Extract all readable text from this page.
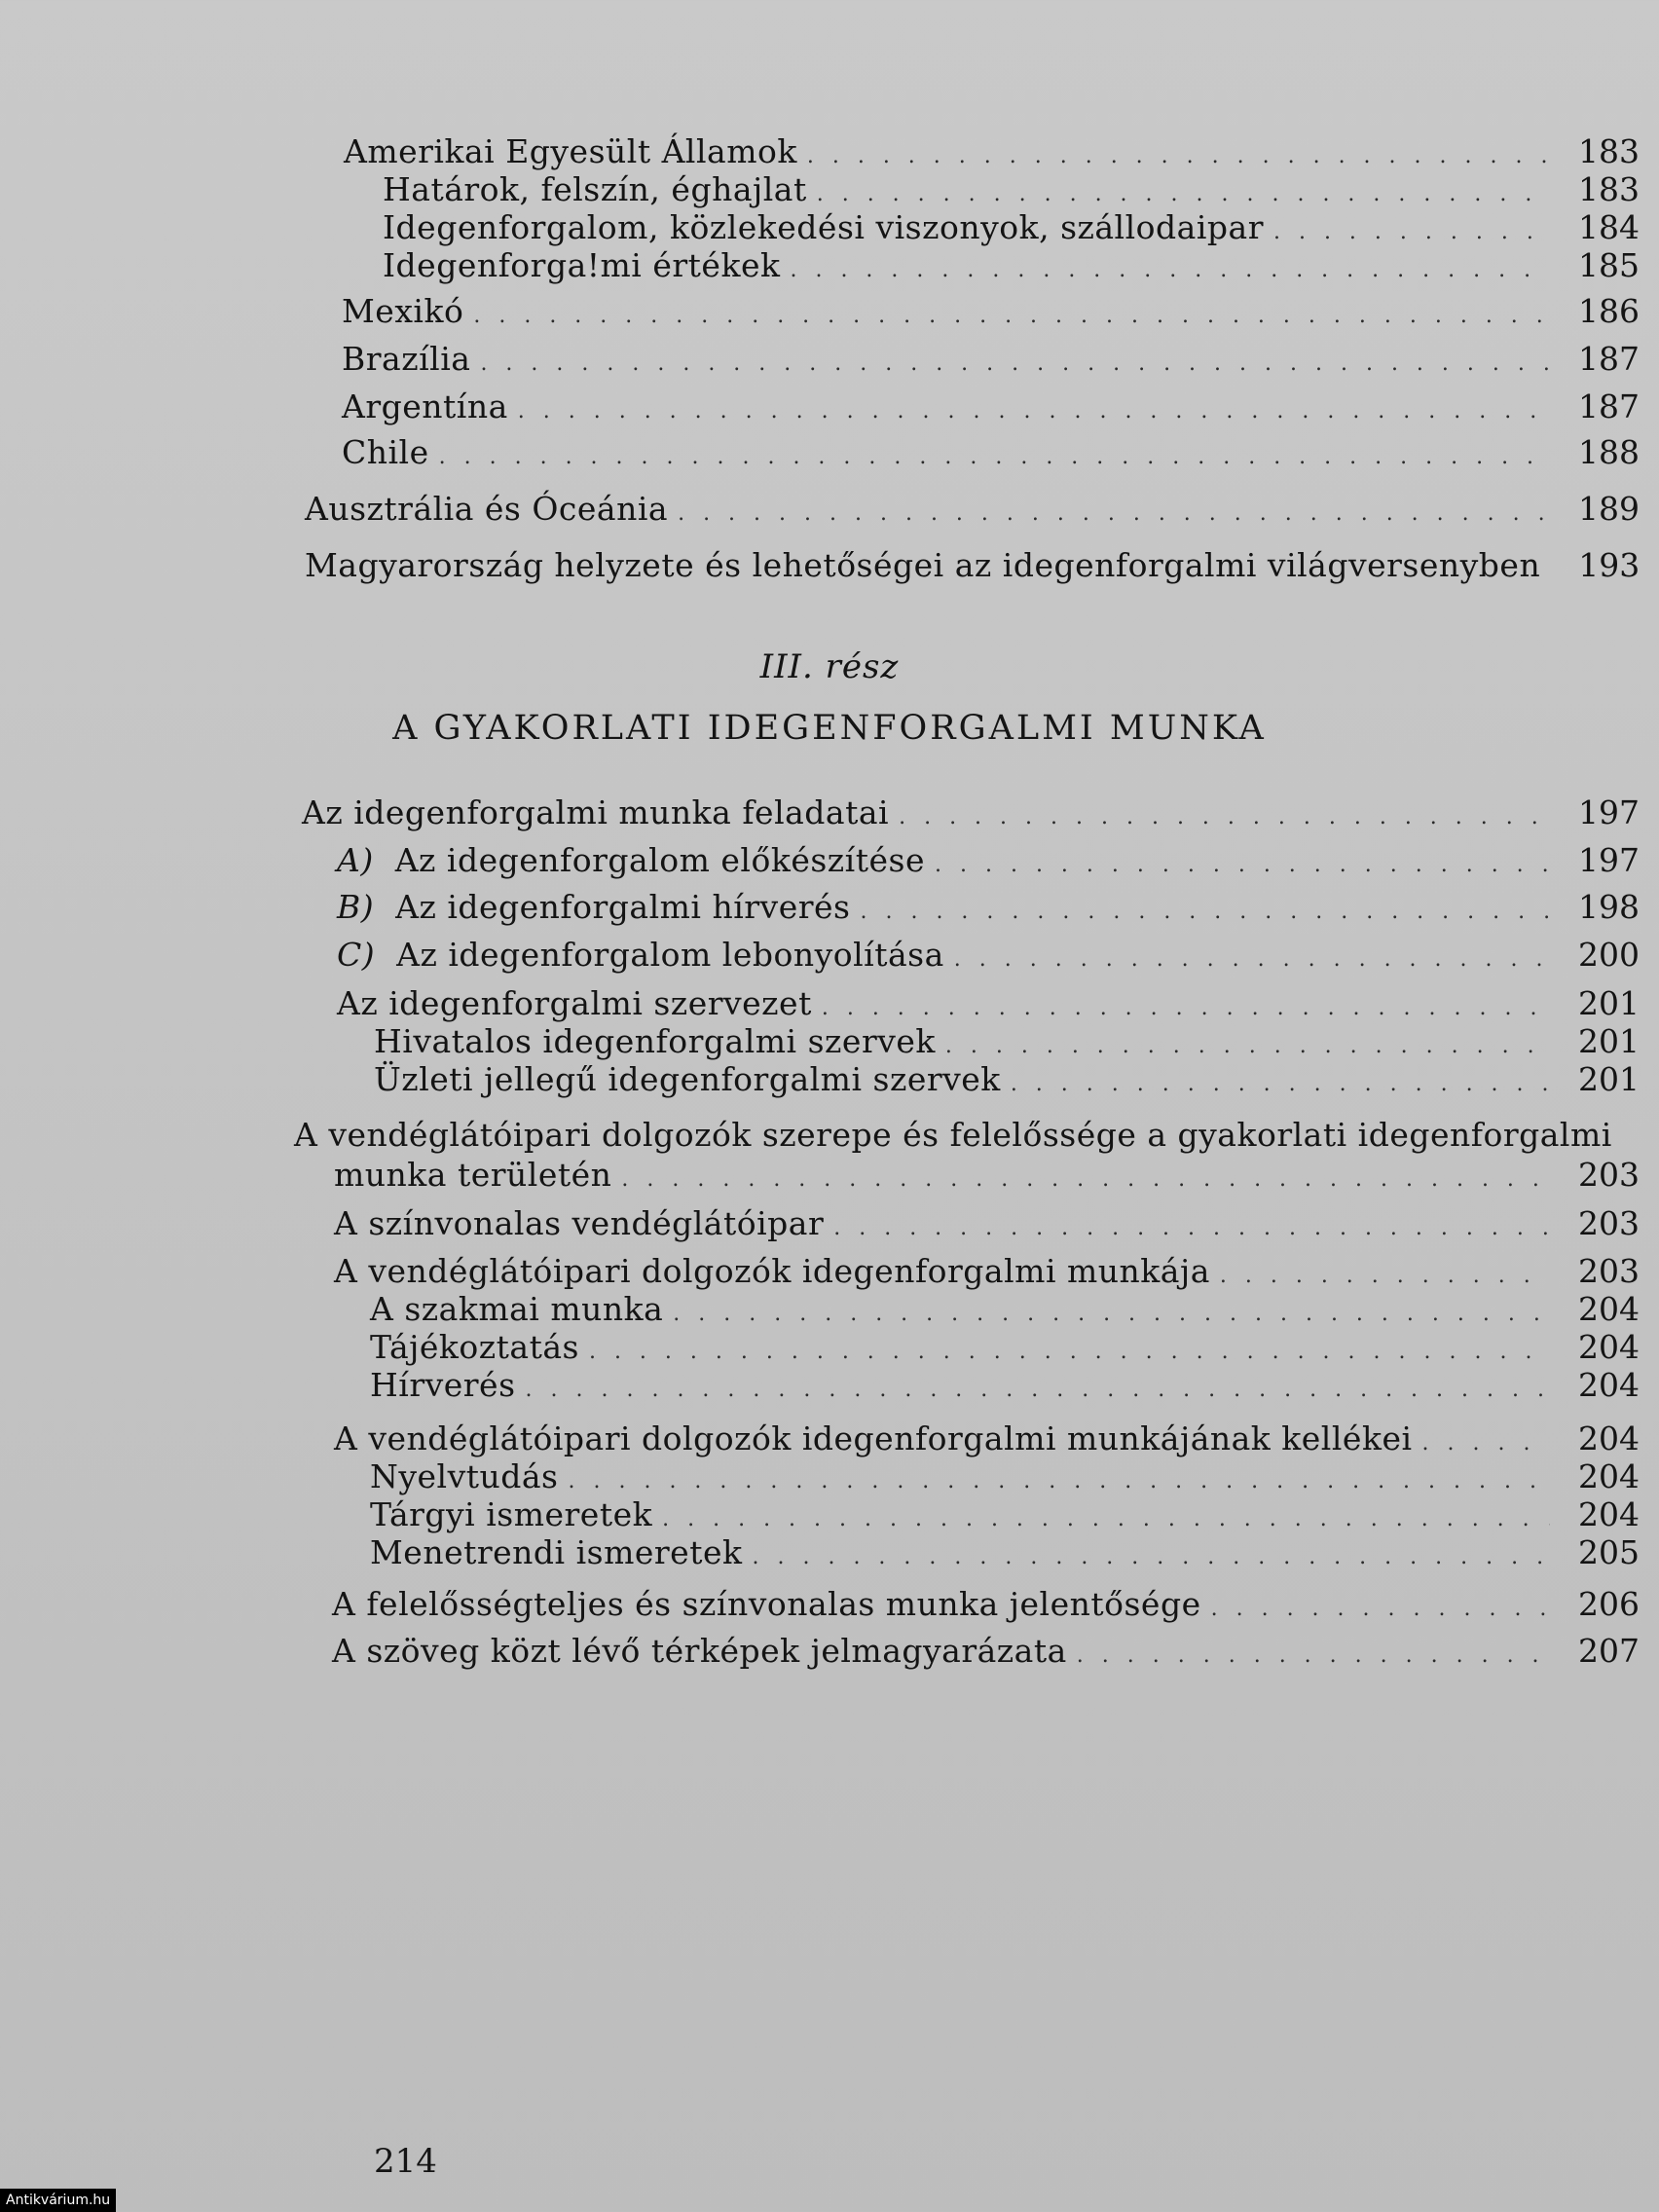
Amerikai Egyesült Államok . . .	183
Határok, felszín, éghajlat . . .	183
Idegenforgalom, közlekedési viszonyok, szállodaipar . . .	184
Idegenforga!mi értékek . . .	185
Mexikó . . .	186
Brazília . . .	187
Argentína . . .	187
Chile . . .	188
Ausztrália és Óceánia . . .	189
Magyarország helyzete és lehetőségei az idegenforgalmi világversenyben	193
III. rész
A GYAKORLATI IDEGENFORGALMI MUNKA
Az idegenforgalmi munka feladatai . . .	197
A) Az idegenforgalom előkészítése . . .	197
B) Az idegenforgalmi hírverés . . .	198
C) Az idegenforgalom lebonyolítása . . .	200
Az idegenforgalmi szervezet . . .	201
Hivatalos idegenforgalmi szervek . . .	201
Üzleti jellegű idegenforgalmi szervek . . .	201
A vendéglátóipari dolgozók szerepe és felelőssége a gyakorlati idegenforgalmi
munka területén . . .	203
A színvonalas vendéglátóipar . . .	203
A vendéglátóipari dolgozók idegenforgalmi munkája . . .	203
A szakmai munka . . .	204
Tájékoztatás . . .	204
Hírverés . . .	204
A vendéglátóipari dolgozók idegenforgalmi munkájának kellékei . . .	204
Nyelvtudás . . .	204
Tárgyi ismeretek . . .	204
Menetrendi ismeretek . . .	205
A felelősségteljes és színvonalas munka jelentősége . . .	206
A szöveg közt lévő térképek jelmagyarázata . . .	207
214
Antikvárium.hu
